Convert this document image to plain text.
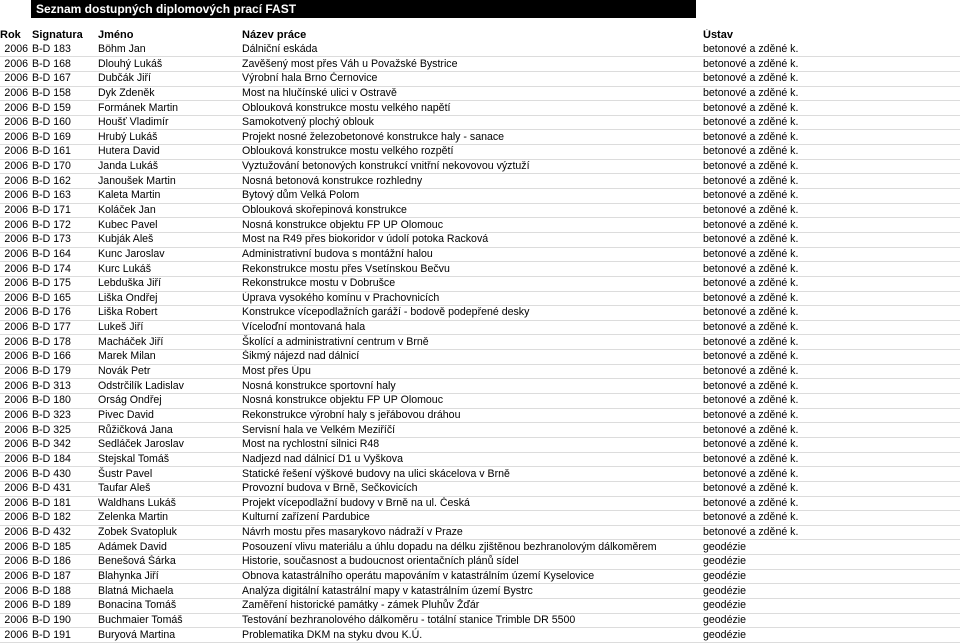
Seznam dostupných diplomových prací FAST
Rok	Signatura	Jméno	Název práce	Ústav
2006	B-D 183	Böhm Jan	Dálniční eskáda	betonové a zděné k.
2006	B-D 168	Dlouhý Lukáš	Zavěšený most přes Váh u Považské Bystrice	betonové a zděné k.
2006	B-D 167	Dubčák Jiří	Výrobní hala Brno Černovice	betonové a zděné k.
2006	B-D 158	Dyk Zdeněk	Most na hlučínské ulici v Ostravě	betonové a zděné k.
2006	B-D 159	Formánek Martin	Oblouková konstrukce mostu velkého napětí	betonové a zděné k.
2006	B-D 160	Houšť Vladimír	Samokotvený plochý oblouk	betonové a zděné k.
2006	B-D 169	Hrubý Lukáš	Projekt nosné železobetonové konstrukce haly - sanace	betonové a zděné k.
2006	B-D 161	Hutera David	Oblouková konstrukce mostu velkého rozpětí	betonové a zděné k.
2006	B-D 170	Janda Lukáš	Vyztužování betonových konstrukcí vnitřní nekovovou výztuží	betonové a zděné k.
2006	B-D 162	Janoušek Martin	Nosná betonová konstrukce rozhledny	betonové a zděné k.
2006	B-D 163	Kaleta Martin	Bytový dům Velká Polom	betonové a zděné k.
2006	B-D 171	Koláček Jan	Oblouková skořepinová konstrukce	betonové a zděné k.
2006	B-D 172	Kubec Pavel	Nosná konstrukce objektu FP UP Olomouc	betonové a zděné k.
2006	B-D 173	Kubják Aleš	Most na R49 přes biokoridor v údolí potoka Racková	betonové a zděné k.
2006	B-D 164	Kunc Jaroslav	Administrativní budova s montážní halou	betonové a zděné k.
2006	B-D 174	Kurc Lukáš	Rekonstrukce mostu přes Vsetínskou Bečvu	betonové a zděné k.
2006	B-D 175	Lebduška Jiří	Rekonstrukce mostu v Dobrušce	betonové a zděné k.
2006	B-D 165	Liška Ondřej	Úprava vysokého komínu v Prachovnicích	betonové a zděné k.
2006	B-D 176	Liška Robert	Konstrukce vícepodlažních garáží - bodově podepřené desky	betonové a zděné k.
2006	B-D 177	Lukeš Jiří	Víceloďní montovaná hala	betonové a zděné k.
2006	B-D 178	Macháček Jiří	Školící a administrativní centrum v Brně	betonové a zděné k.
2006	B-D 166	Marek Milan	Šikmý nájezd nad dálnicí	betonové a zděné k.
2006	B-D 179	Novák Petr	Most přes Úpu	betonové a zděné k.
2006	B-D 313	Odstrčilík Ladislav	Nosná konstrukce sportovní haly	betonové a zděné k.
2006	B-D 180	Orság Ondřej	Nosná konstrukce objektu FP UP Olomouc	betonové a zděné k.
2006	B-D 323	Pivec David	Rekonstrukce výrobní haly s jeřábovou dráhou	betonové a zděné k.
2006	B-D 325	Růžičková Jana	Servisní hala ve Velkém Meziříčí	betonové a zděné k.
2006	B-D 342	Sedláček Jaroslav	Most na rychlostní silnici R48	betonové a zděné k.
2006	B-D 184	Stejskal Tomáš	Nadjezd nad dálnicí D1 u Vyškova	betonové a zděné k.
2006	B-D 430	Šustr Pavel	Statické řešení výškové budovy na ulici skácelova v Brně	betonové a zděné k.
2006	B-D 431	Taufar Aleš	Provozní budova v Brně, Sečkovicích	betonové a zděné k.
2006	B-D 181	Waldhans Lukáš	Projekt vícepodlažní budovy v Brně na ul. Česká	betonové a zděné k.
2006	B-D 182	Zelenka Martin	Kulturní zařízení Pardubice	betonové a zděné k.
2006	B-D 432	Zobek Svatopluk	Návrh mostu přes masarykovo nádraží v Praze	betonové a zděné k.
2006	B-D 185	Adámek David	Posouzení vlivu materiálu a úhlu dopadu na délku zjištěnou bezhranolovým dálkoměrem	geodézie
2006	B-D 186	Benešová Šárka	Historie, současnost a budoucnost orientačních plánů sídel	geodézie
2006	B-D 187	Blahynka Jiří	Obnova katastrálního operátu mapováním v katastrálním území Kyselovice	geodézie
2006	B-D 188	Blatná Michaela	Analýza digitální katastrální mapy v katastrálním území Bystrc	geodézie
2006	B-D 189	Bonacina Tomáš	Zaměření historické památky - zámek Pluhův Žďár	geodézie
2006	B-D 190	Buchmaier Tomáš	Testování bezhranolového dálkoměru - totální stanice Trimble DR 5500	geodézie
2006	B-D 191	Buryová Martina	Problematika DKM na styku dvou K.Ú.	geodézie
